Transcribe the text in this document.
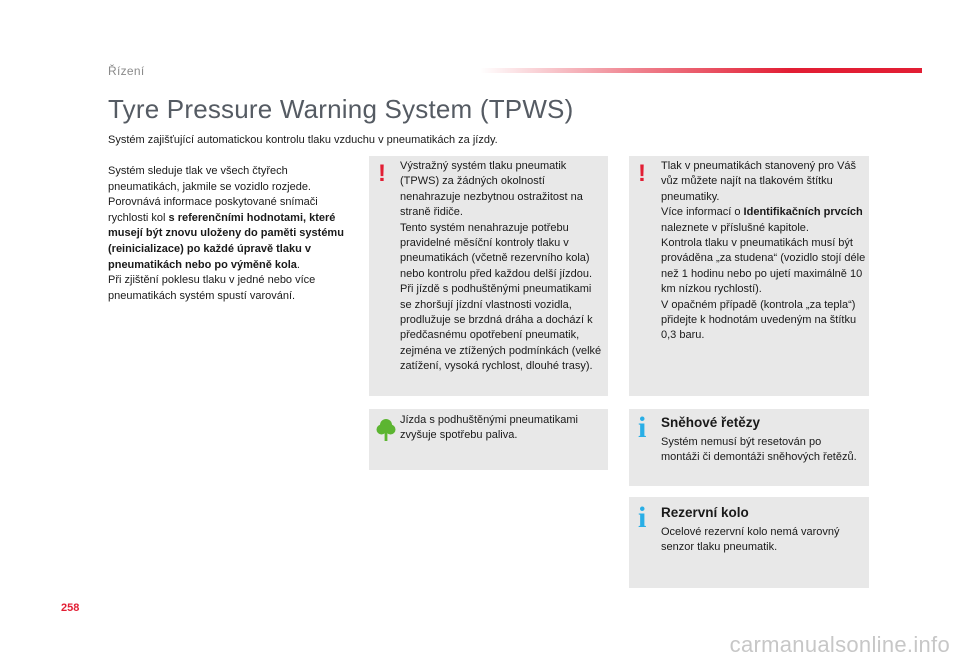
Řízení
Tyre Pressure Warning System (TPWS)

Systém zajišťující automatickou kontrolu tlaku vzduchu v pneumatikách za jízdy.

Systém sleduje tlak ve všech čtyřech pneumatikách, jakmile se vozidlo rozjede.
Porovnává informace poskytované snímači rychlosti kol s referenčními hodnotami, které musejí být znovu uloženy do paměti systému (reinicializace) po každé úpravě tlaku v pneumatikách nebo po výměně kola.
Při zjištění poklesu tlaku v jedné nebo více pneumatikách systém spustí varování.
! Výstražný systém tlaku pneumatik (TPWS) za žádných okolností nenahrazuje nezbytnou ostražitost na straně řidiče.
Tento systém nenahrazuje potřebu pravidelné měsíční kontroly tlaku v pneumatikách (včetně rezervního kola) nebo kontrolu před každou delší jízdou.
Při jízdě s podhuštěnými pneumatikami se zhoršují jízdní vlastnosti vozidla, prodlužuje se brzdná dráha a dochází k předčasnému opotřebení pneumatik, zejména ve ztížených podmínkách (velké zatížení, vysoká rychlost, dlouhé trasy).
! Tlak v pneumatikách stanovený pro Váš vůz můžete najít na tlakovém štítku pneumatiky.
Více informací o Identifikačních prvcích naleznete v příslušné kapitole.
Kontrola tlaku v pneumatikách musí být prováděna „za studena“ (vozidlo stojí déle než 1 hodinu nebo po ujetí maximálně 10 km nízkou rychlostí).
V opačném případě (kontrola „za tepla“) přidejte k hodnotám uvedeným na štítku 0,3 baru.
Jízda s podhuštěnými pneumatikami zvyšuje spotřebu paliva.	i Sněhové řetězy
Systém nemusí být resetován po montáži či demontáži sněhových řetězů.
i Rezervní kolo
Ocelové rezervní kolo nemá varovný senzor tlaku pneumatik.
258
carmanualsonline.info
